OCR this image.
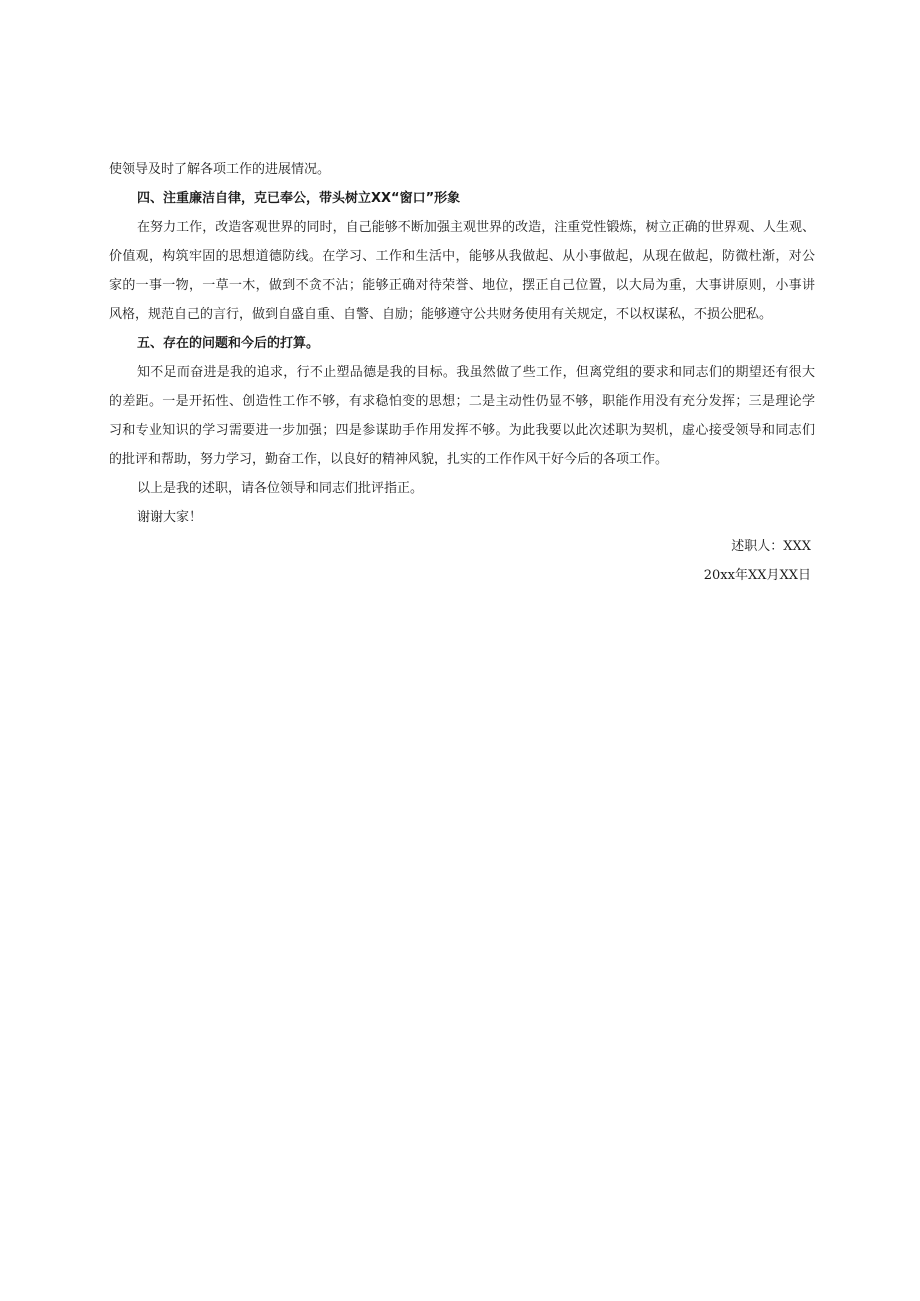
使领导及时了解各项工作的进展情况。
四、注重廉洁自律，克已奉公，带头树立XX“窗口”形象
在努力工作，改造客观世界的同时，自己能够不断加强主观世界的改造，注重党性锻炼，树立正确的世界观、人生观、
价值观，构筑牢固的思想道德防线。在学习、工作和生活中，能够从我做起、从小事做起，从现在做起，防微杜渐，对公
家的一事一物，一草一木，做到不贪不沾；能够正确对待荣誉、地位，摆正自己位置，以大局为重，大事讲原则，小事讲
风格，规范自己的言行，做到自盛自重、自警、自励；能够遵守公共财务使用有关规定，不以权谋私，不损公肥私。
五、存在的问题和今后的打算。
知不足而奋进是我的追求，行不止塑品德是我的目标。我虽然做了些工作，但离党组的要求和同志们的期望还有很大
的差距。一是开拓性、创造性工作不够，有求稳怕变的思想；二是主动性仍显不够，职能作用没有充分发挥；三是理论学
习和专业知识的学习需要进一步加强；四是参谋助手作用发挥不够。为此我要以此次述职为契机，虚心接受领导和同志们
的批评和帮助，努力学习，勤奋工作，以良好的精神风貌，扎实的工作作风干好今后的各项工作。
以上是我的述职，请各位领导和同志们批评指正。
谢谢大家！
述职人：XXX
20xx年XX月XX日
